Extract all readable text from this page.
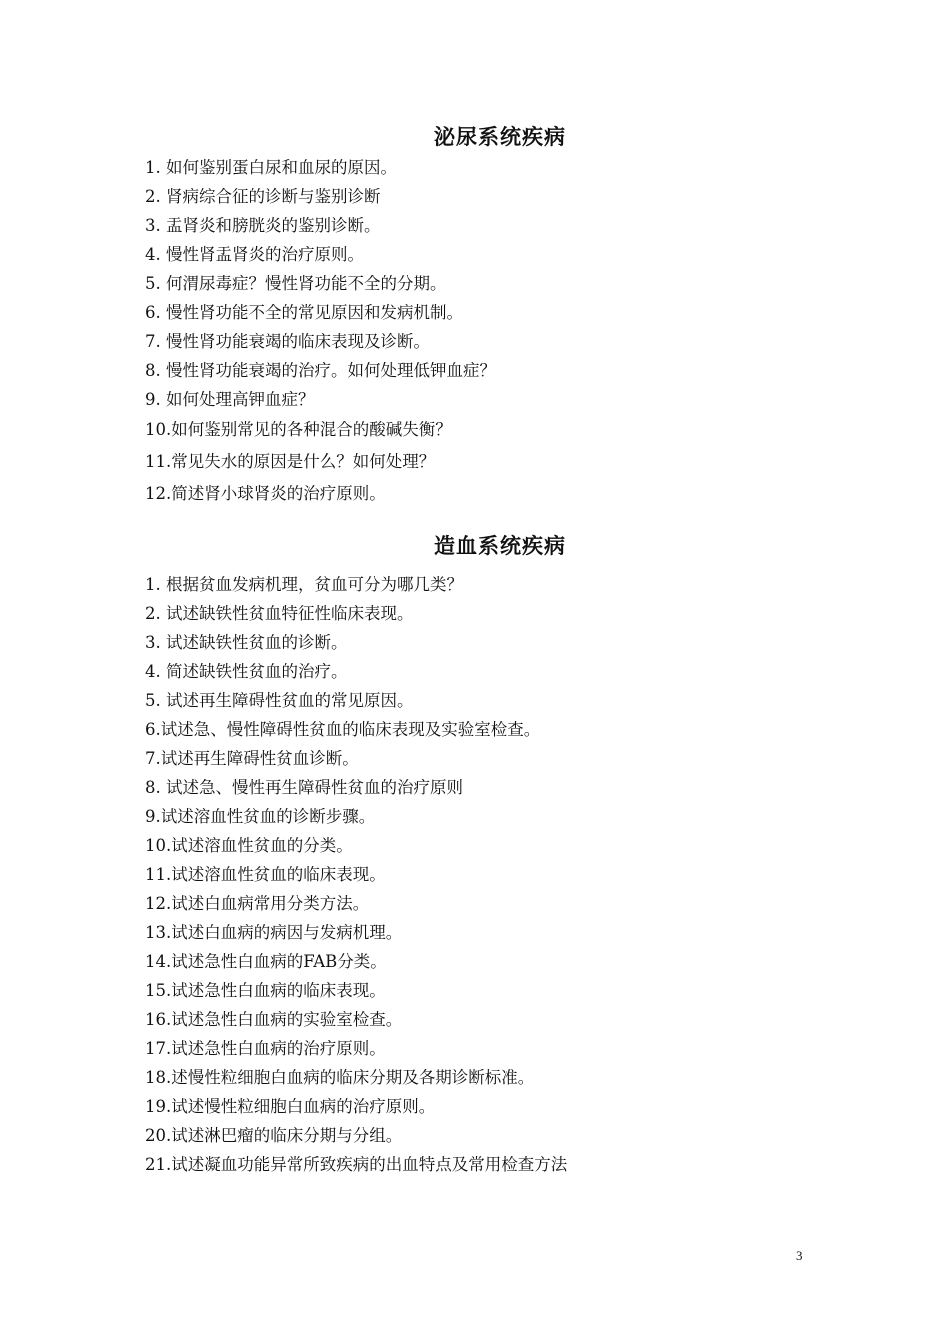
泌尿系统疾病
1. 如何鉴别蛋白尿和血尿的原因。
2. 肾病综合征的诊断与鉴别诊断
3. 盂肾炎和膀胱炎的鉴别诊断。
4. 慢性肾盂肾炎的治疗原则。
5. 何渭尿毒症？慢性肾功能不全的分期。
6. 慢性肾功能不全的常见原因和发病机制。
7. 慢性肾功能衰竭的临床表现及诊断。
8. 慢性肾功能衰竭的治疗。如何处理低钾血症？
9. 如何处理高钾血症？
10.如何鉴别常见的各种混合的酸碱失衡？
11.常见失水的原因是什么？如何处理？
12.简述肾小球肾炎的治疗原则。
造血系统疾病
1. 根据贫血发病机理，贫血可分为哪几类？
2. 试述缺铁性贫血特征性临床表现。
3. 试述缺铁性贫血的诊断。
4. 简述缺铁性贫血的治疗。
5. 试述再生障碍性贫血的常见原因。
6.试述急、慢性障碍性贫血的临床表现及实验室检查。
7.试述再生障碍性贫血诊断。
8. 试述急、慢性再生障碍性贫血的治疗原则
9.试述溶血性贫血的诊断步骤。
10.试述溶血性贫血的分类。
11.试述溶血性贫血的临床表现。
12.试述白血病常用分类方法。
13.试述白血病的病因与发病机理。
14.试述急性白血病的FAB分类。
15.试述急性白血病的临床表现。
16.试述急性白血病的实验室检查。
17.试述急性白血病的治疗原则。
18.述慢性粒细胞白血病的临床分期及各期诊断标准。
19.试述慢性粒细胞白血病的治疗原则。
20.试述淋巴瘤的临床分期与分组。
21.试述凝血功能异常所致疾病的出血特点及常用检查方法
3
